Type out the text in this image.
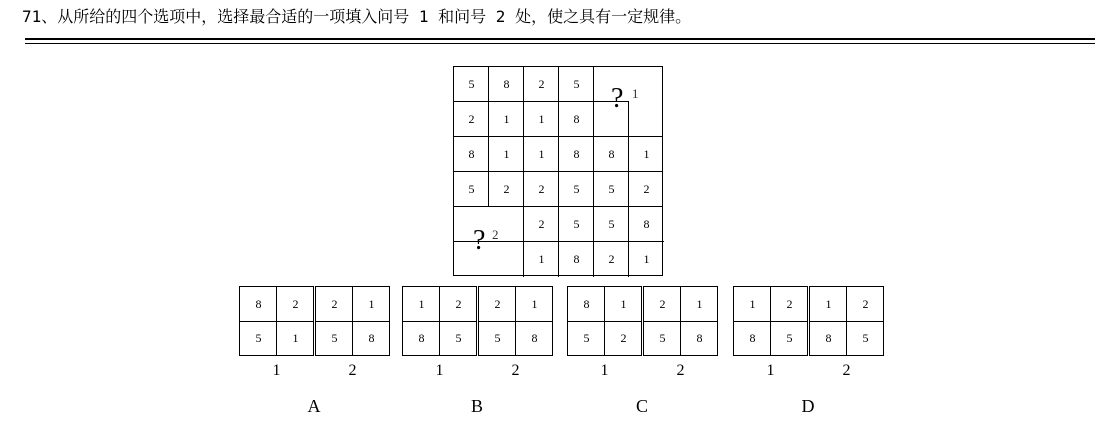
71、从所给的四个选项中，选择最合适的一项填入问号 1 和问号 2 处，使之具有一定规律。
5	8	2	5
2	1	1	8
8	1	1	8	8	1
5	2	2	5	5	2
2	5	5	8
1	8	2	1
? 1
? 2
8	2
5	1
1
2	1
5	8
2
A
1	2
8	5
1
2	1
5	8
2
B
8	1
5	2
1
2	1
5	8
2
C
1	2
8	5
1
1	2
8	5
2
D
